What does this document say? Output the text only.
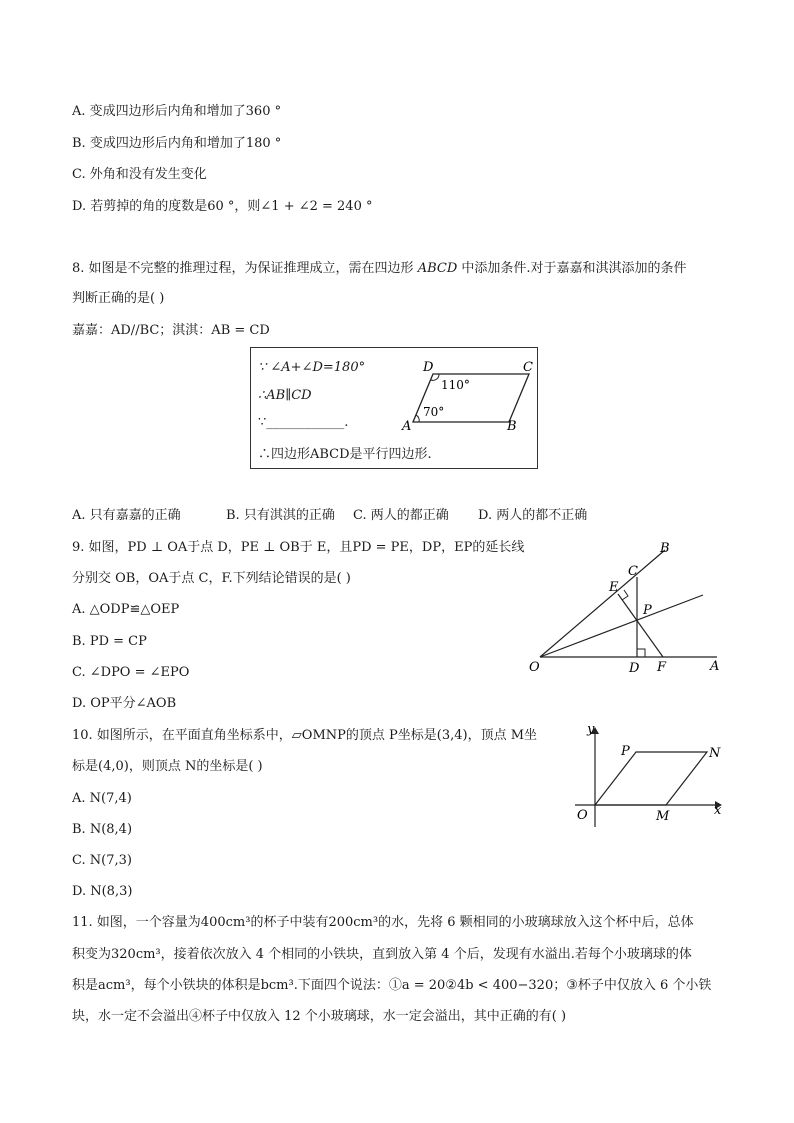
A. 变成四边形后内角和增加了360 °
B. 变成四边形后内角和增加了180 °
C. 外角和没有发生变化
D. 若剪掉的角的度数是60 °，则∠1 + ∠2 = 240 °
8. 如图是不完整的推理过程，为保证推理成立，需在四边形 ABCD 中添加条件.对于嘉嘉和淇淇添加的条件
判断正确的是( )
嘉嘉：AD//BC；淇淇：AB = CD
∵ ∠A+∠D=180°
∴AB∥CD
∵____________.
∴四边形ABCD是平行四边形.
D	C
A	B
110°
70°
A. 只有嘉嘉的正确	B. 只有淇淇的正确 C. 两人的都正确 D. 两人的都不正确
9. 如图，PD ⊥ OA于点 D，PE ⊥ OB于 E，且PD = PE，DP，EP的延长线
分别交 OB，OA于点 C，F.下列结论错误的是( )
A. △ODP≌△OEP
B. PD = CP
C. ∠DPO = ∠EPO
D. OP平分∠AOB
O	D F	A
B
C
E
P
10. 如图所示，在平面直角坐标系中，▱OMNP的顶点 P坐标是(3,4)，顶点 M坐
标是(4,0)，则顶点 N的坐标是( )
A. N(7,4)
B. N(8,4)
C. N(7,3)
D. N(8,3)
y
x
O
P	N
M
11. 如图，一个容量为400cm³的杯子中装有200cm³的水，先将 6 颗相同的小玻璃球放入这个杯中后，总体
积变为320cm³，接着依次放入 4 个相同的小铁块，直到放入第 4 个后，发现有水溢出.若每个小玻璃球的体
积是acm³，每个小铁块的体积是bcm³.下面四个说法：①a = 20②4b < 400−320；③杯子中仅放入 6 个小铁
块，水一定不会溢出④杯子中仅放入 12 个小玻璃球，水一定会溢出，其中正确的有( )
